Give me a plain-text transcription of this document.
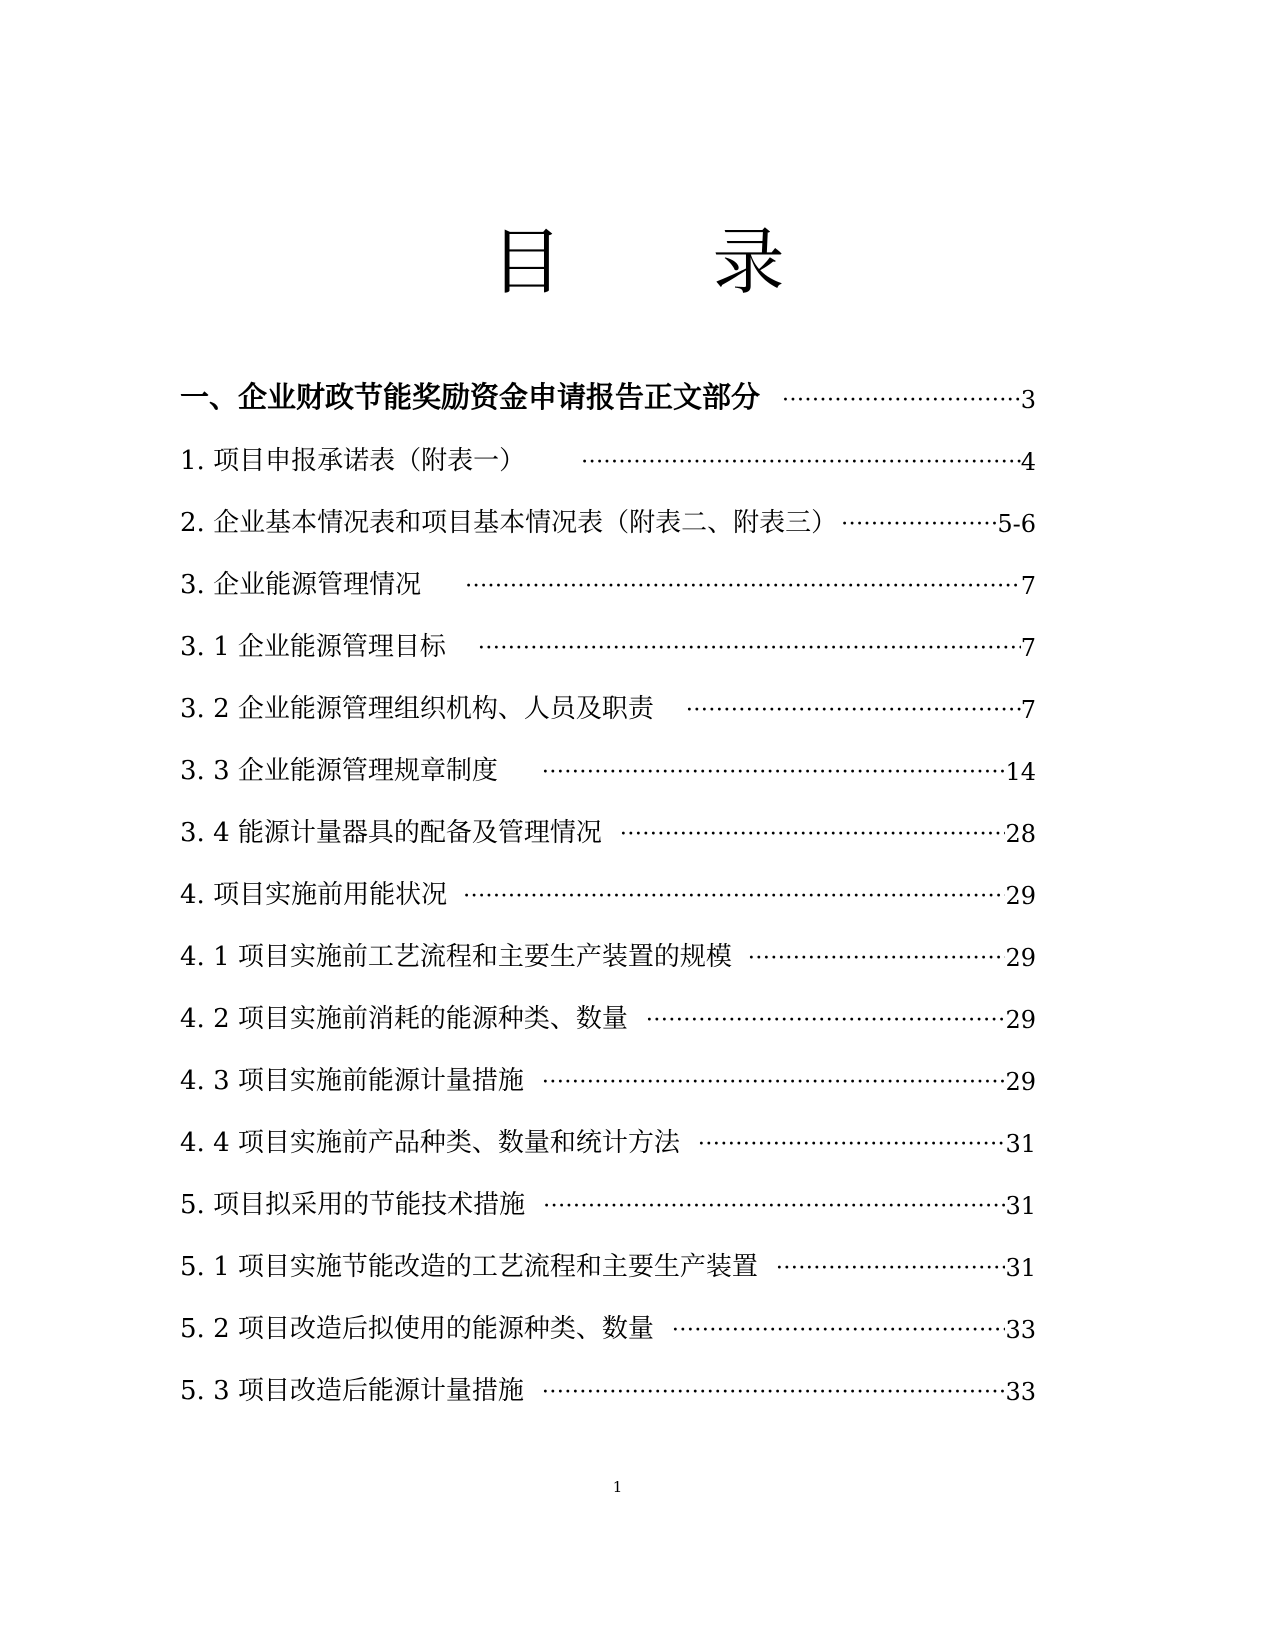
目 录
一、企业财政节能奖励资金申请报告正文部分 ·····	3
1. 项目申报承诺表（附表一） ·····	4
2. 企业基本情况表和项目基本情况表（附表二、附表三） ·····	5-6
3. 企业能源管理情况 ·····	7
3. 1 企业能源管理目标 ·····	7
3. 2 企业能源管理组织机构、人员及职责 ·····	7
3. 3 企业能源管理规章制度 ·····	14
3. 4 能源计量器具的配备及管理情况 ·····	28
4. 项目实施前用能状况 ·····	29
4. 1 项目实施前工艺流程和主要生产装置的规模 ·····	29
4. 2 项目实施前消耗的能源种类、数量 ·····	29
4. 3 项目实施前能源计量措施 ·····	29
4. 4 项目实施前产品种类、数量和统计方法 ·····	31
5. 项目拟采用的节能技术措施 ·····	31
5. 1 项目实施节能改造的工艺流程和主要生产装置 ·····	31
5. 2 项目改造后拟使用的能源种类、数量 ·····	33
5. 3 项目改造后能源计量措施 ·····	33
1
